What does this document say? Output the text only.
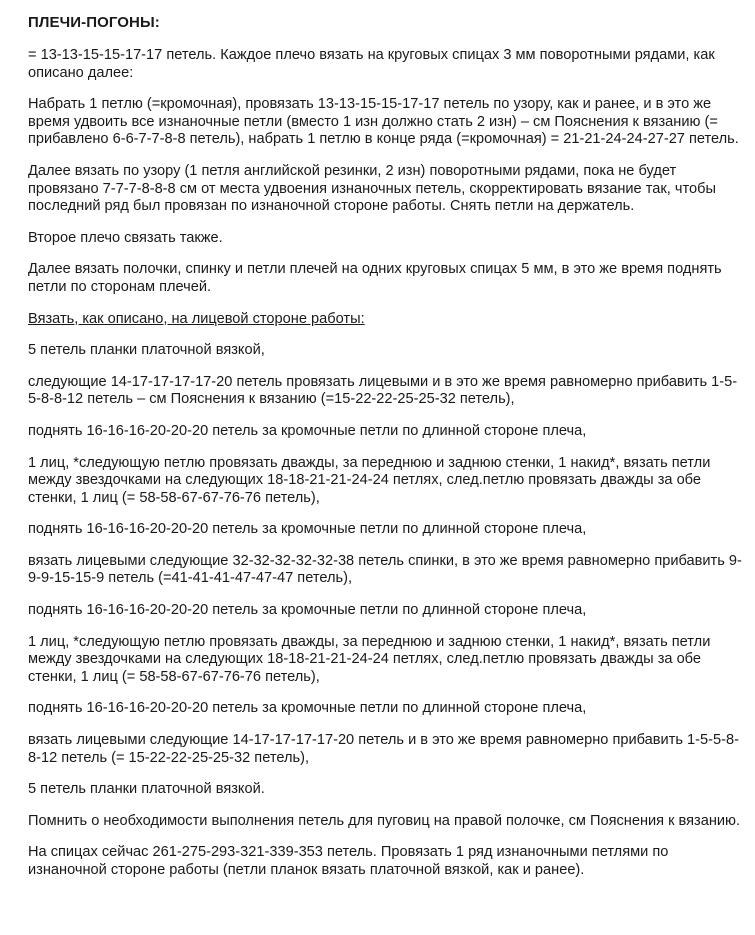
ПЛЕЧИ-ПОГОНЫ:
= 13-13-15-15-17-17 петель. Каждое плечо вязать на круговых спицах 3 мм поворотными рядами, как описано далее:
Набрать 1 петлю (=кромочная), провязать 13-13-15-15-17-17 петель по узору, как и ранее, и в это же время удвоить все изнаночные петли (вместо 1 изн должно стать 2 изн) – см Пояснения к вязанию (= прибавлено 6-6-7-7-8-8 петель), набрать 1 петлю в конце ряда (=кромочная) = 21-21-24-24-27-27 петель.
Далее вязать по узору (1 петля английской резинки, 2 изн) поворотными рядами, пока не будет провязано 7-7-7-8-8-8 см от места удвоения изнаночных петель, скорректировать вязание так, чтобы последний ряд был провязан по изнаночной стороне работы. Снять петли на держатель.
Второе плечо связать также.
Далее вязать полочки, спинку и петли плечей на одних круговых спицах 5 мм, в это же время поднять петли по сторонам плечей.
Вязать, как описано, на лицевой стороне работы:
5 петель планки платочной вязкой,
следующие 14-17-17-17-17-20 петель провязать лицевыми и в это же время равномерно прибавить 1-5-5-8-8-12 петель – см Пояснения к вязанию (=15-22-22-25-25-32 петель),
поднять 16-16-16-20-20-20 петель за кромочные петли по длинной стороне плеча,
1 лиц, *следующую петлю провязать дважды, за переднюю и заднюю стенки, 1 накид*, вязать петли между звездочками на следующих 18-18-21-21-24-24 петлях, след.петлю провязать дважды за обе стенки, 1 лиц (= 58-58-67-67-76-76 петель),
поднять 16-16-16-20-20-20 петель за кромочные петли по длинной стороне плеча,
вязать лицевыми следующие 32-32-32-32-32-38 петель спинки, в это же время равномерно прибавить 9-9-9-15-15-9 петель (=41-41-41-47-47-47 петель),
поднять 16-16-16-20-20-20 петель за кромочные петли по длинной стороне плеча,
1 лиц, *следующую петлю провязать дважды, за переднюю и заднюю стенки, 1 накид*, вязать петли между звездочками на следующих 18-18-21-21-24-24 петлях, след.петлю провязать дважды за обе стенки, 1 лиц (= 58-58-67-67-76-76 петель),
поднять 16-16-16-20-20-20 петель за кромочные петли по длинной стороне плеча,
вязать лицевыми следующие 14-17-17-17-17-20 петель и в это же время равномерно прибавить 1-5-5-8-8-12 петель (= 15-22-22-25-25-32 петель),
5 петель планки платочной вязкой.
Помнить о необходимости выполнения петель для пуговиц на правой полочке, см Пояснения к вязанию.
На спицах сейчас 261-275-293-321-339-353 петель. Провязать 1 ряд изнаночными петлями по изнаночной стороне работы (петли планок вязать платочной вязкой, как и ранее).
